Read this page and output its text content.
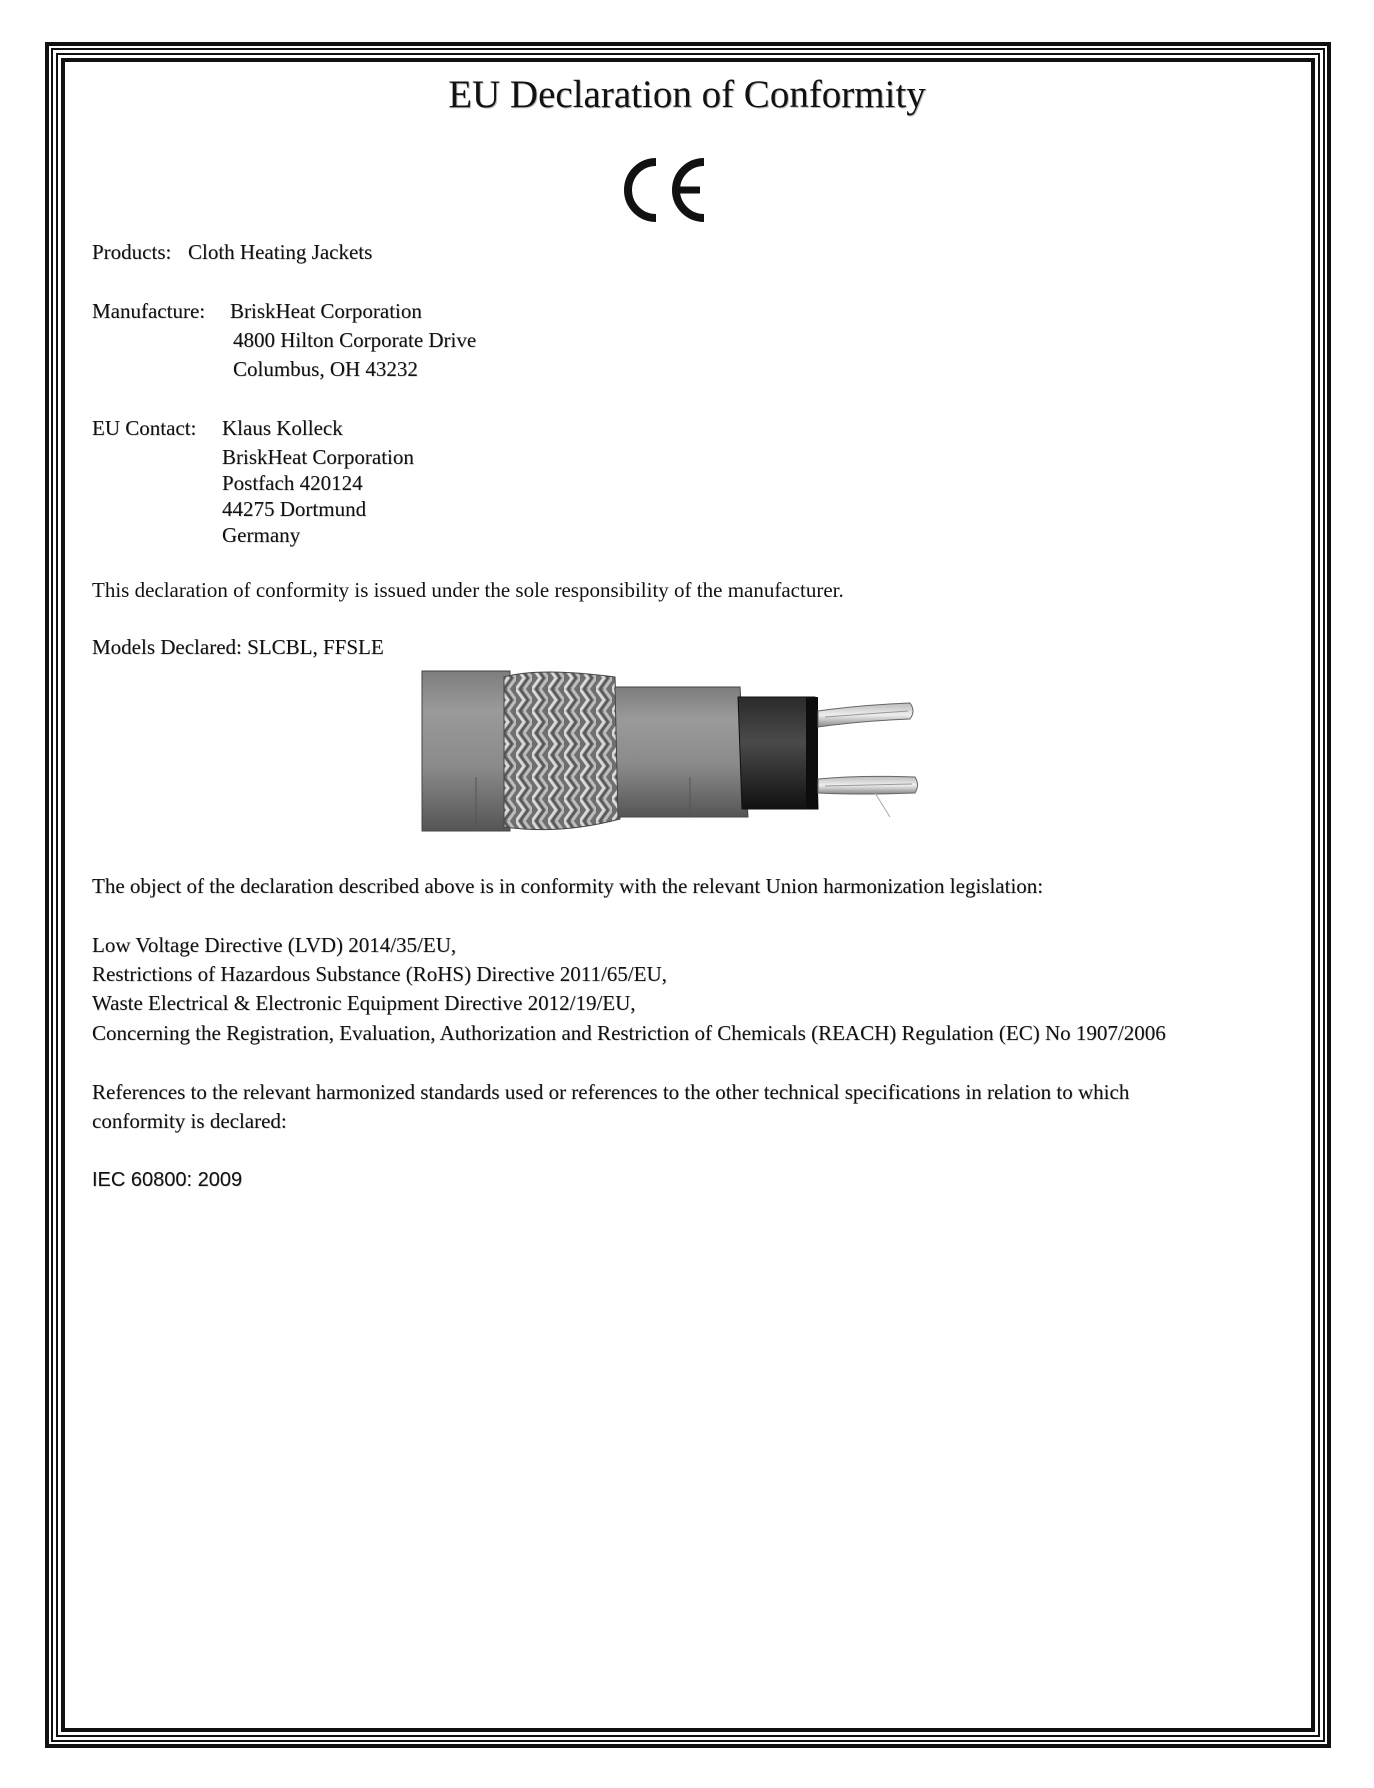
EU Declaration of Conformity
Products: Cloth Heating Jackets
Manufacture: BriskHeat Corporation
4800 Hilton Corporate Drive
Columbus, OH 43232
EU Contact: Klaus Kolleck
BriskHeat Corporation
Postfach 420124
44275 Dortmund
Germany
This declaration of conformity is issued under the sole responsibility of the manufacturer.
Models Declared: SLCBL, FFSLE
The object of the declaration described above is in conformity with the relevant Union harmonization legislation:
Low Voltage Directive (LVD) 2014/35/EU,
Restrictions of Hazardous Substance (RoHS) Directive 2011/65/EU,
Waste Electrical & Electronic Equipment Directive 2012/19/EU,
Concerning the Registration, Evaluation, Authorization and Restriction of Chemicals (REACH) Regulation (EC) No 1907/2006
References to the relevant harmonized standards used or references to the other technical specifications in relation to which
conformity is declared:
IEC 60800: 2009
